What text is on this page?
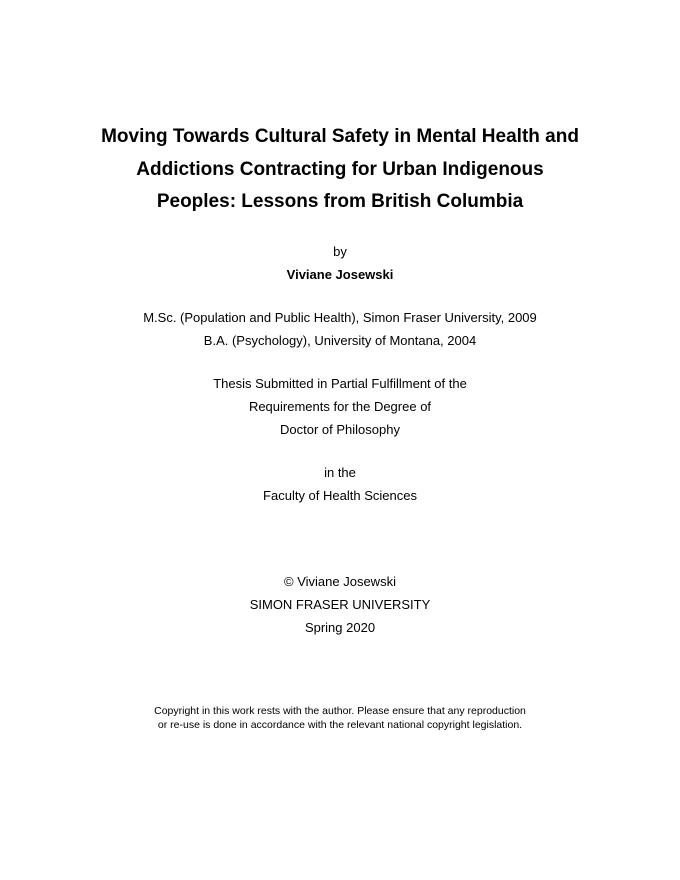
Moving Towards Cultural Safety in Mental Health and
Addictions Contracting for Urban Indigenous
Peoples: Lessons from British Columbia
by
Viviane Josewski
M.Sc. (Population and Public Health), Simon Fraser University, 2009
B.A. (Psychology), University of Montana, 2004
Thesis Submitted in Partial Fulfillment of the
Requirements for the Degree of
Doctor of Philosophy
in the
Faculty of Health Sciences
© Viviane Josewski
SIMON FRASER UNIVERSITY
Spring 2020
Copyright in this work rests with the author. Please ensure that any reproduction
or re-use is done in accordance with the relevant national copyright legislation.
